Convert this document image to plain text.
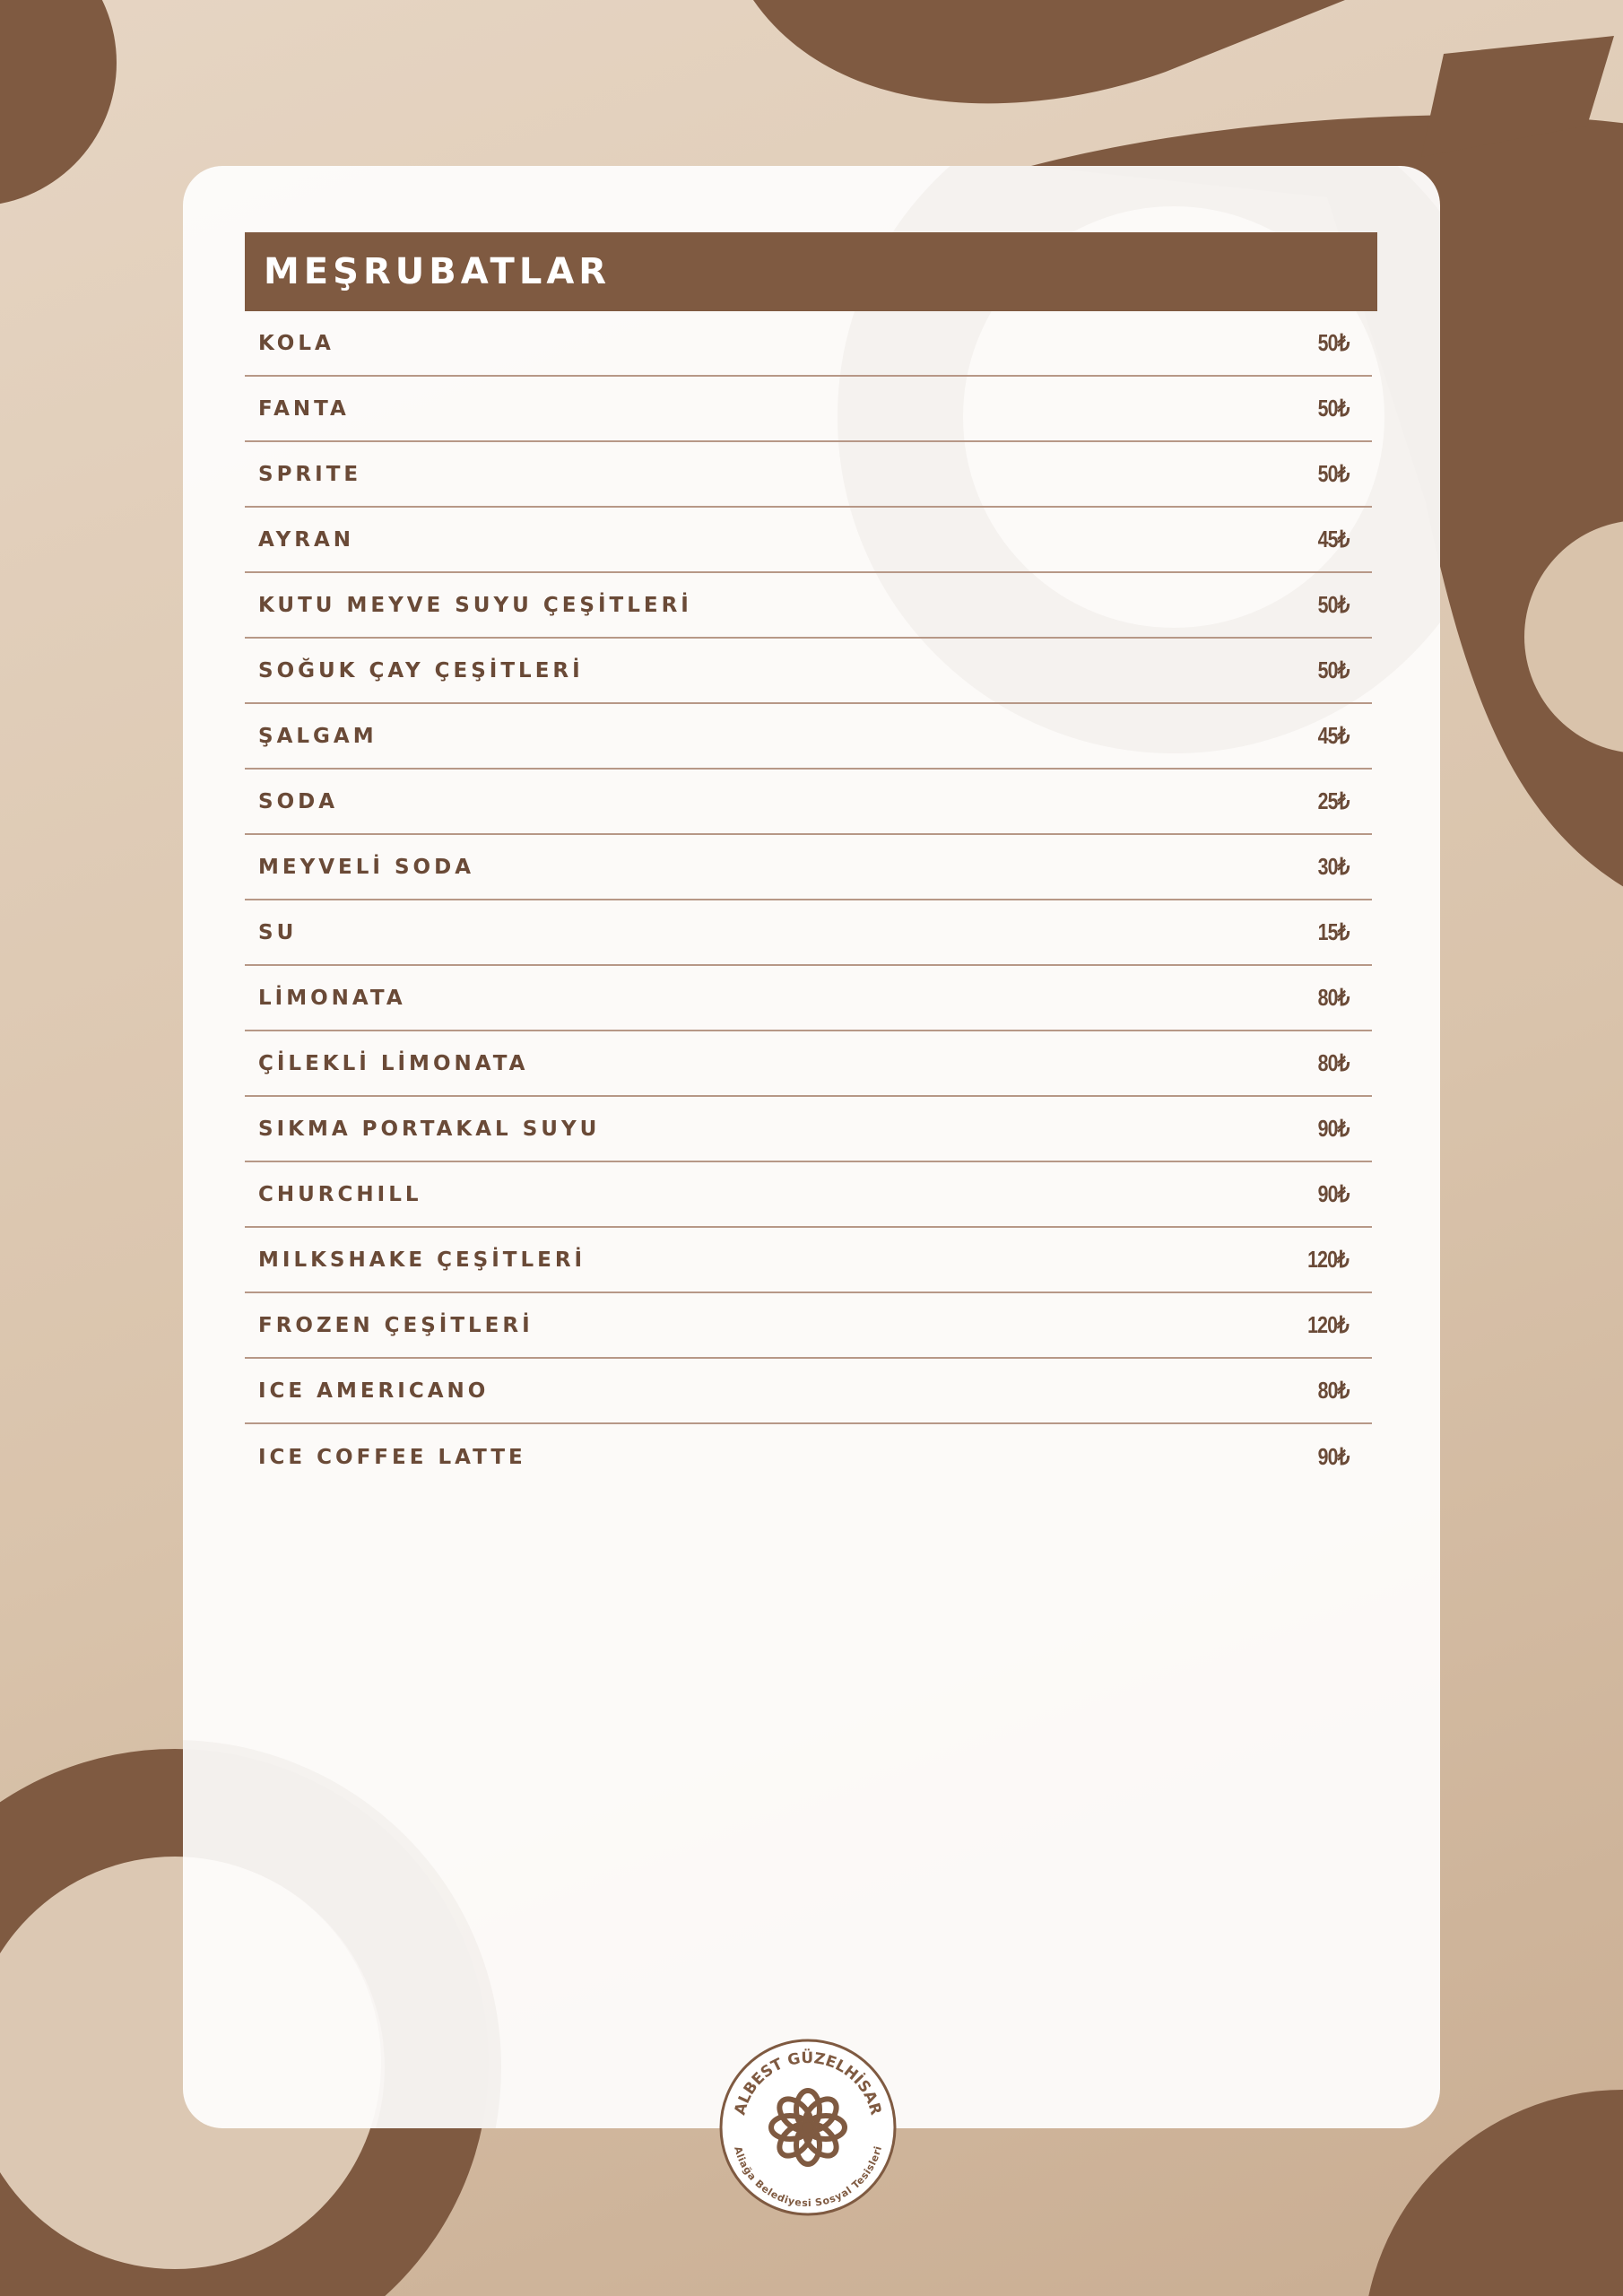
MEŞRUBATLAR
KOLA	50₺
FANTA	50₺
SPRITE	50₺
AYRAN	45₺
KUTU MEYVE SUYU ÇEŞİTLERİ	50₺
SOĞUK ÇAY ÇEŞİTLERİ	50₺
ŞALGAM	45₺
SODA	25₺
MEYVELİ SODA	30₺
SU	15₺
LİMONATA	80₺
ÇİLEKLİ LİMONATA	80₺
SIKMA PORTAKAL SUYU	90₺
CHURCHILL	90₺
MILKSHAKE ÇEŞİTLERİ	120₺
FROZEN ÇEŞİTLERİ	120₺
ICE AMERICANO	80₺
ICE COFFEE LATTE	90₺
ALBEST GÜZELHİSAR
Aliağa Belediyesi Sosyal Tesisleri
